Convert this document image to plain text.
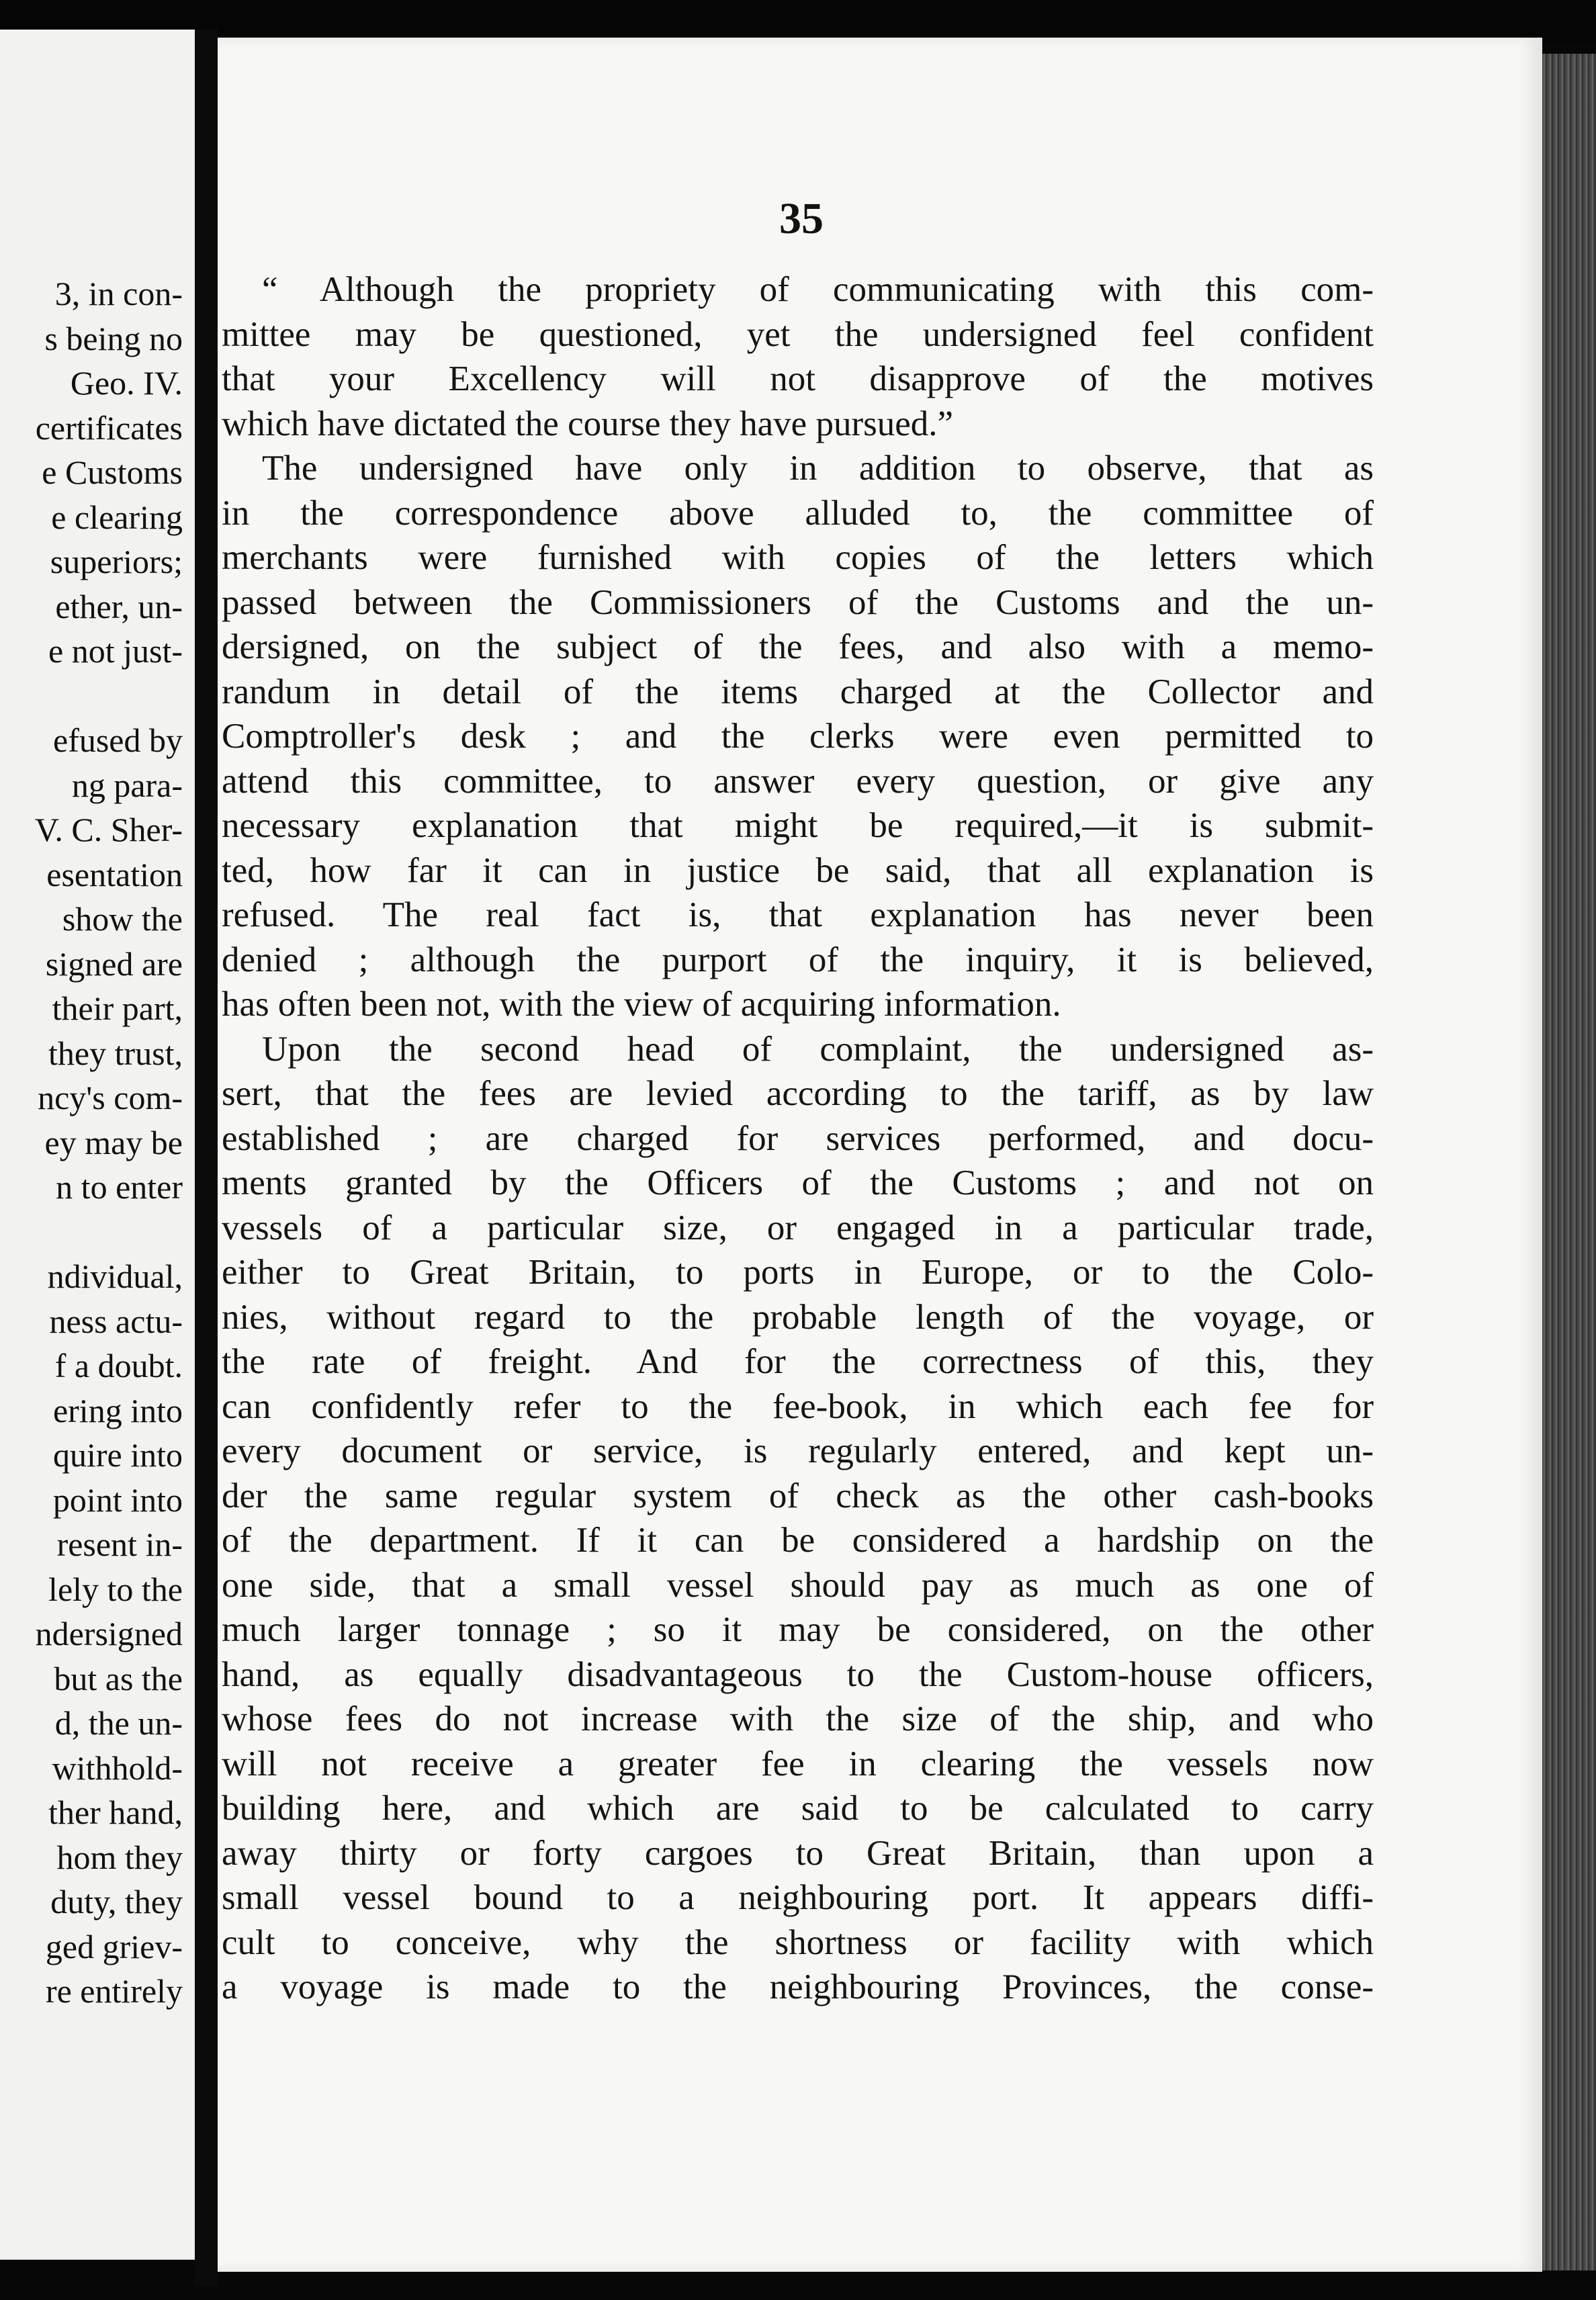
3, in con-
s being no
Geo. IV.
certificates
e Customs
e clearing
superiors;
ether, un-
e not just-
efused by
ng para-
V. C. Sher-
esentation
show the
signed are
their part,
they trust,
ncy's com-
ey may be
n to enter
ndividual,
ness actu-
f a doubt.
ering into
quire into
point into
resent in-
lely to the
ndersigned
but as the
d, the un-
withhold-
ther hand,
hom they
duty, they
ged griev-
re entirely
35
“ Although the propriety of communicating with this com-
mittee may be questioned, yet the undersigned feel confident
that your Excellency will not disapprove of the motives
which have dictated the course they have pursued.”
The undersigned have only in addition to observe, that as
in the correspondence above alluded to, the committee of
merchants were furnished with copies of the letters which
passed between the Commissioners of the Customs and the un-
dersigned, on the subject of the fees, and also with a memo-
randum in detail of the items charged at the Collector and
Comptroller's desk ; and the clerks were even permitted to
attend this committee, to answer every question, or give any
necessary explanation that might be required,—it is submit-
ted, how far it can in justice be said, that all explanation is
refused. The real fact is, that explanation has never been
denied ; although the purport of the inquiry, it is believed,
has often been not, with the view of acquiring information.
Upon the second head of complaint, the undersigned as-
sert, that the fees are levied according to the tariff, as by law
established ; are charged for services performed, and docu-
ments granted by the Officers of the Customs ; and not on
vessels of a particular size, or engaged in a particular trade,
either to Great Britain, to ports in Europe, or to the Colo-
nies, without regard to the probable length of the voyage, or
the rate of freight. And for the correctness of this, they
can confidently refer to the fee-book, in which each fee for
every document or service, is regularly entered, and kept un-
der the same regular system of check as the other cash-books
of the department. If it can be considered a hardship on the
one side, that a small vessel should pay as much as one of
much larger tonnage ; so it may be considered, on the other
hand, as equally disadvantageous to the Custom-house officers,
whose fees do not increase with the size of the ship, and who
will not receive a greater fee in clearing the vessels now
building here, and which are said to be calculated to carry
away thirty or forty cargoes to Great Britain, than upon a
small vessel bound to a neighbouring port. It appears diffi-
cult to conceive, why the shortness or facility with which
a voyage is made to the neighbouring Provinces, the conse-
